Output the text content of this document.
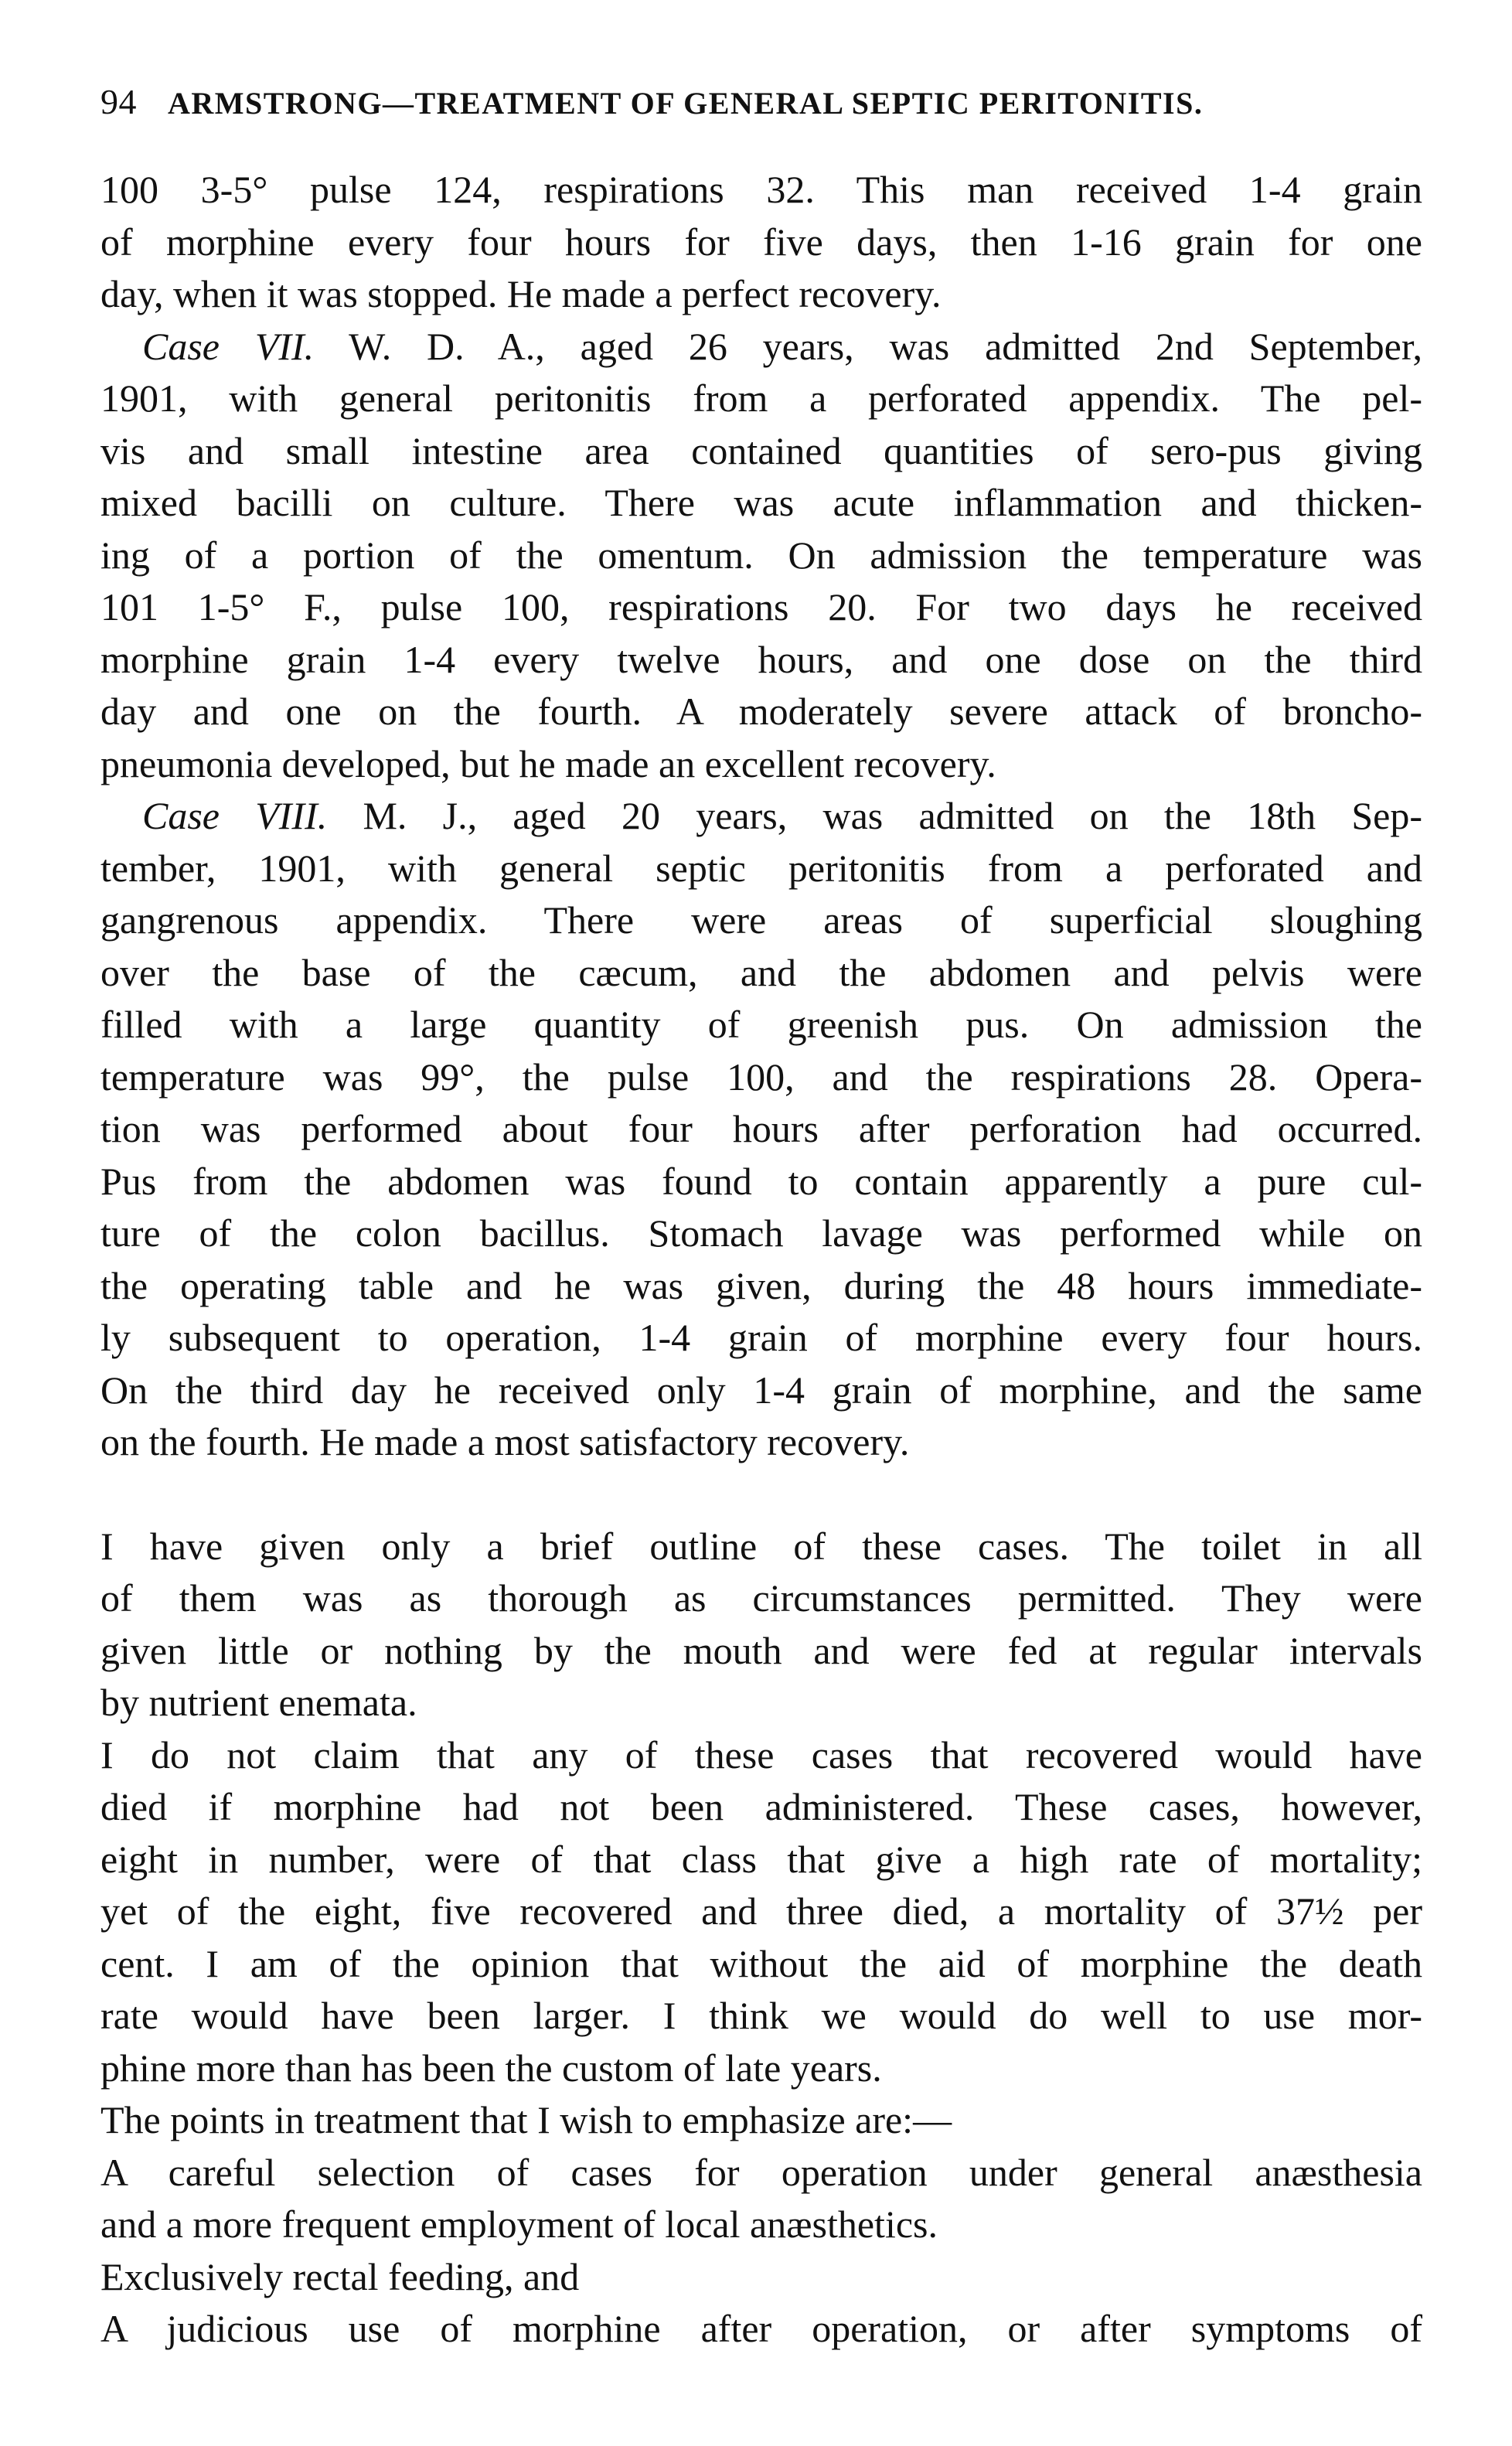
94 ARMSTRONG—TREATMENT OF GENERAL SEPTIC PERITONITIS.
100 3-5° pulse 124, respirations 32. This man received 1-4 grain
of morphine every four hours for five days, then 1-16 grain for one
day, when it was stopped. He made a perfect recovery.
Case VII. W. D. A., aged 26 years, was admitted 2nd September,
1901, with general peritonitis from a perforated appendix. The pel-
vis and small intestine area contained quantities of sero-pus giving
mixed bacilli on culture. There was acute inflammation and thicken-
ing of a portion of the omentum. On admission the temperature was
101 1-5° F., pulse 100, respirations 20. For two days he received
morphine grain 1-4 every twelve hours, and one dose on the third
day and one on the fourth. A moderately severe attack of broncho-
pneumonia developed, but he made an excellent recovery.
Case VIII. M. J., aged 20 years, was admitted on the 18th Sep-
tember, 1901, with general septic peritonitis from a perforated and
gangrenous appendix. There were areas of superficial sloughing
over the base of the cæcum, and the abdomen and pelvis were
filled with a large quantity of greenish pus. On admission the
temperature was 99°, the pulse 100, and the respirations 28. Opera-
tion was performed about four hours after perforation had occurred.
Pus from the abdomen was found to contain apparently a pure cul-
ture of the colon bacillus. Stomach lavage was performed while on
the operating table and he was given, during the 48 hours immediate-
ly subsequent to operation, 1-4 grain of morphine every four hours.
On the third day he received only 1-4 grain of morphine, and the same
on the fourth. He made a most satisfactory recovery.
I have given only a brief outline of these cases. The toilet in all
of them was as thorough as circumstances permitted. They were
given little or nothing by the mouth and were fed at regular intervals
by nutrient enemata.
I do not claim that any of these cases that recovered would have
died if morphine had not been administered. These cases, however,
eight in number, were of that class that give a high rate of mortality;
yet of the eight, five recovered and three died, a mortality of 37½ per
cent. I am of the opinion that without the aid of morphine the death
rate would have been larger. I think we would do well to use mor-
phine more than has been the custom of late years.
The points in treatment that I wish to emphasize are:—
A careful selection of cases for operation under general anæsthesia
and a more frequent employment of local anæsthetics.
Exclusively rectal feeding, and
A judicious use of morphine after operation, or after symptoms of
